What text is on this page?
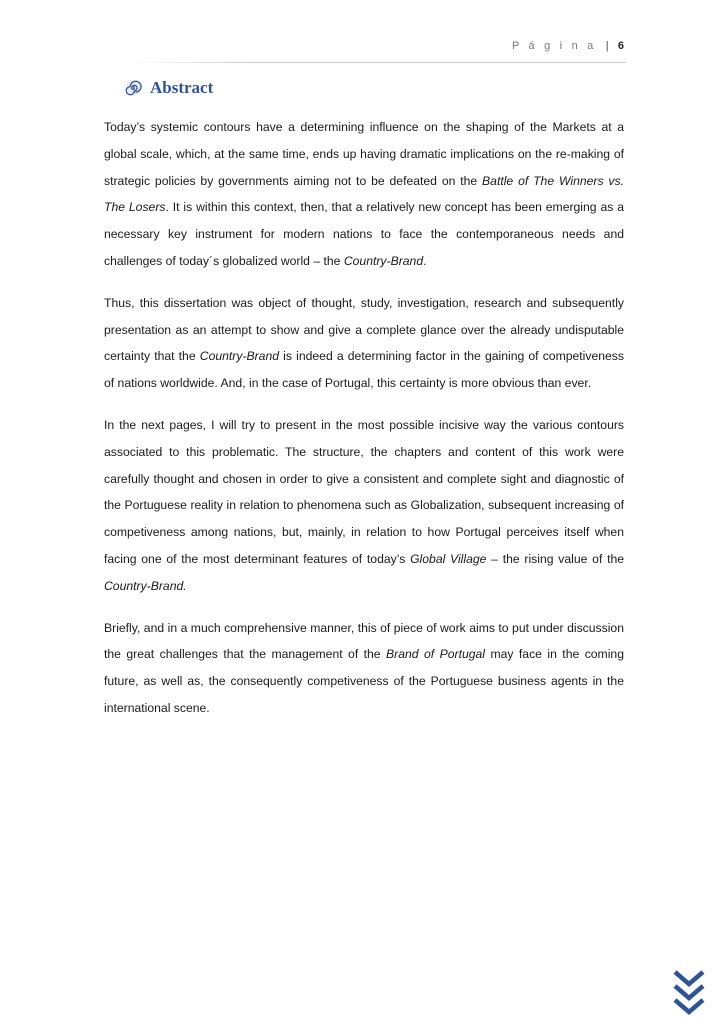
P á g i n a | 6
Abstract

Today’s systemic contours have a determining influence on the shaping of the Markets at a global scale, which, at the same time, ends up having dramatic implications on the re-making of strategic policies by governments aiming not to be defeated on the Battle of The Winners vs. The Losers. It is within this context, then, that a relatively new concept has been emerging as a necessary key instrument for modern nations to face the contemporaneous needs and challenges of today´s globalized world – the Country-Brand.

Thus, this dissertation was object of thought, study, investigation, research and subsequently presentation as an attempt to show and give a complete glance over the already undisputable certainty that the Country-Brand is indeed a determining factor in the gaining of competiveness of nations worldwide. And, in the case of Portugal, this certainty is more obvious than ever.

In the next pages, I will try to present in the most possible incisive way the various contours associated to this problematic. The structure, the chapters and content of this work were carefully thought and chosen in order to give a consistent and complete sight and diagnostic of the Portuguese reality in relation to phenomena such as Globalization, subsequent increasing of competiveness among nations, but, mainly, in relation to how Portugal perceives itself when facing one of the most determinant features of today’s Global Village – the rising value of the Country-Brand.

Briefly, and in a much comprehensive manner, this of piece of work aims to put under discussion the great challenges that the management of the Brand of Portugal may face in the coming future, as well as, the consequently competiveness of the Portuguese business agents in the international scene.
